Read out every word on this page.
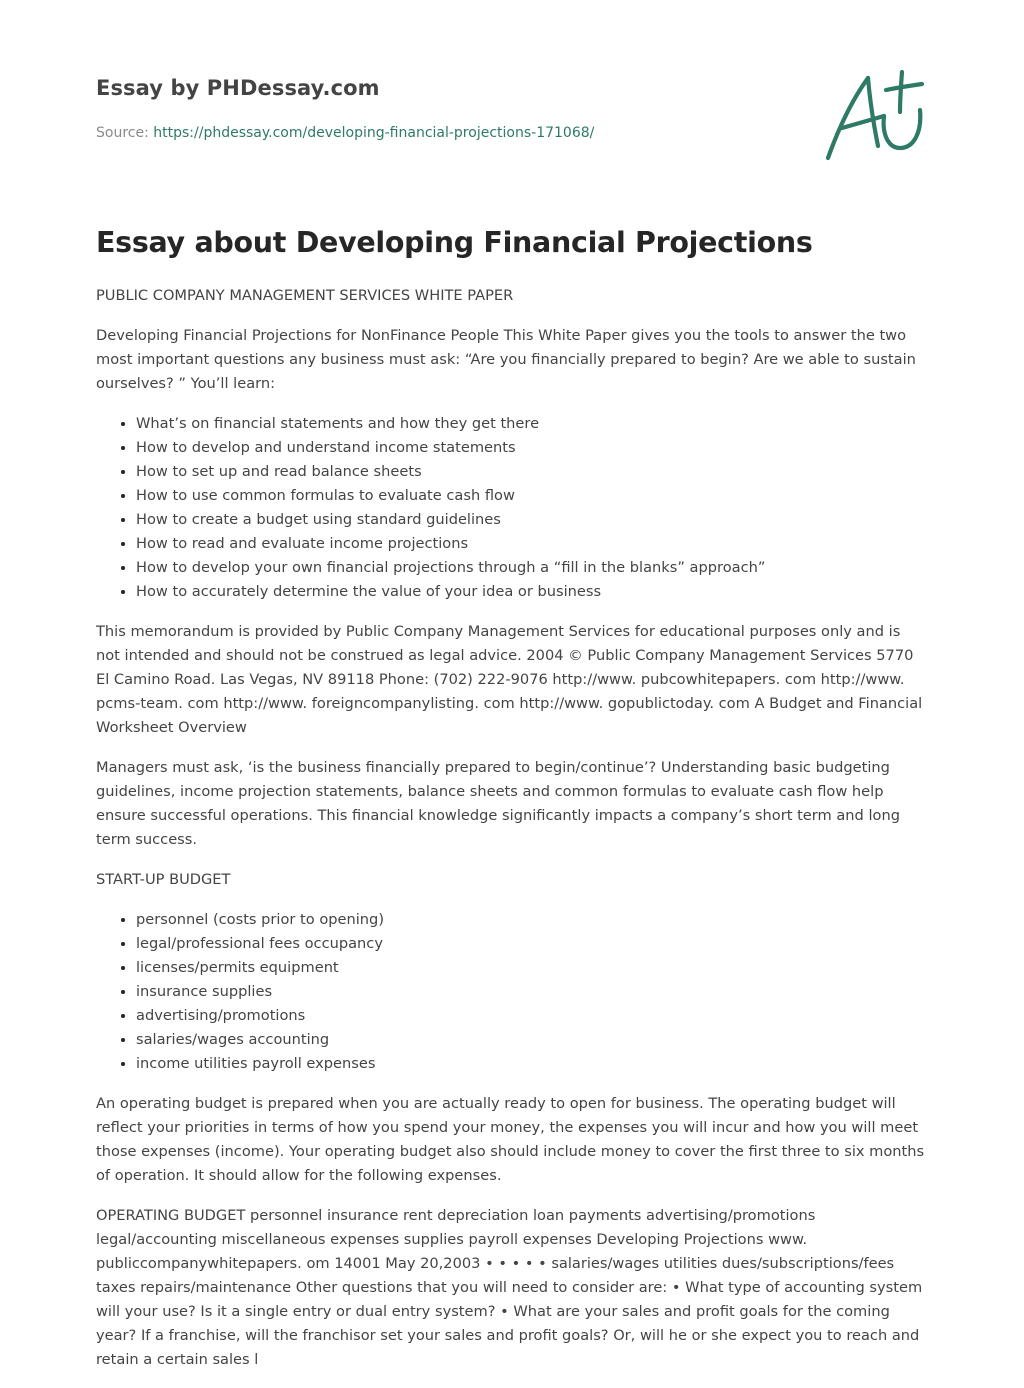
Essay by PHDessay.com
Source: https://phdessay.com/developing-financial-projections-171068/
Essay about Developing Financial Projections

PUBLIC COMPANY MANAGEMENT SERVICES WHITE PAPER

Developing Financial Projections for NonFinance People This White Paper gives you the tools to answer the two most important questions any business must ask: “Are you financially prepared to begin? Are we able to sustain ourselves? ” You’ll learn:

• What’s on financial statements and how they get there
• How to develop and understand income statements
• How to set up and read balance sheets
• How to use common formulas to evaluate cash flow
• How to create a budget using standard guidelines
• How to read and evaluate income projections
• How to develop your own financial projections through a “fill in the blanks” approach”
• How to accurately determine the value of your idea or business

This memorandum is provided by Public Company Management Services for educational purposes only and is not intended and should not be construed as legal advice. 2004 © Public Company Management Services 5770 El Camino Road. Las Vegas, NV 89118 Phone: (702) 222-9076 http://www. pubcowhitepapers. com http://www. pcms-team. com http://www. foreigncompanylisting. com http://www. gopublictoday. com A Budget and Financial Worksheet Overview

Managers must ask, ‘is the business financially prepared to begin/continue’? Understanding basic budgeting guidelines, income projection statements, balance sheets and common formulas to evaluate cash flow help ensure successful operations. This financial knowledge significantly impacts a company’s short term and long term success.

START-UP BUDGET

• personnel (costs prior to opening)
• legal/professional fees occupancy
• licenses/permits equipment
• insurance supplies
• advertising/promotions
• salaries/wages accounting
• income utilities payroll expenses

An operating budget is prepared when you are actually ready to open for business. The operating budget will reflect your priorities in terms of how you spend your money, the expenses you will incur and how you will meet those expenses (income). Your operating budget also should include money to cover the first three to six months of operation. It should allow for the following expenses.

OPERATING BUDGET personnel insurance rent depreciation loan payments advertising/promotions legal/accounting miscellaneous expenses supplies payroll expenses Developing Projections www. publiccompanywhitepapers. om 14001 May 20,2003 • • • • • salaries/wages utilities dues/subscriptions/fees taxes repairs/maintenance Other questions that you will need to consider are: • What type of accounting system will your use? Is it a single entry or dual entry system? • What are your sales and profit goals for the coming year? If a franchise, will the franchisor set your sales and profit goals? Or, will he or she expect you to reach and retain a certain sales l
